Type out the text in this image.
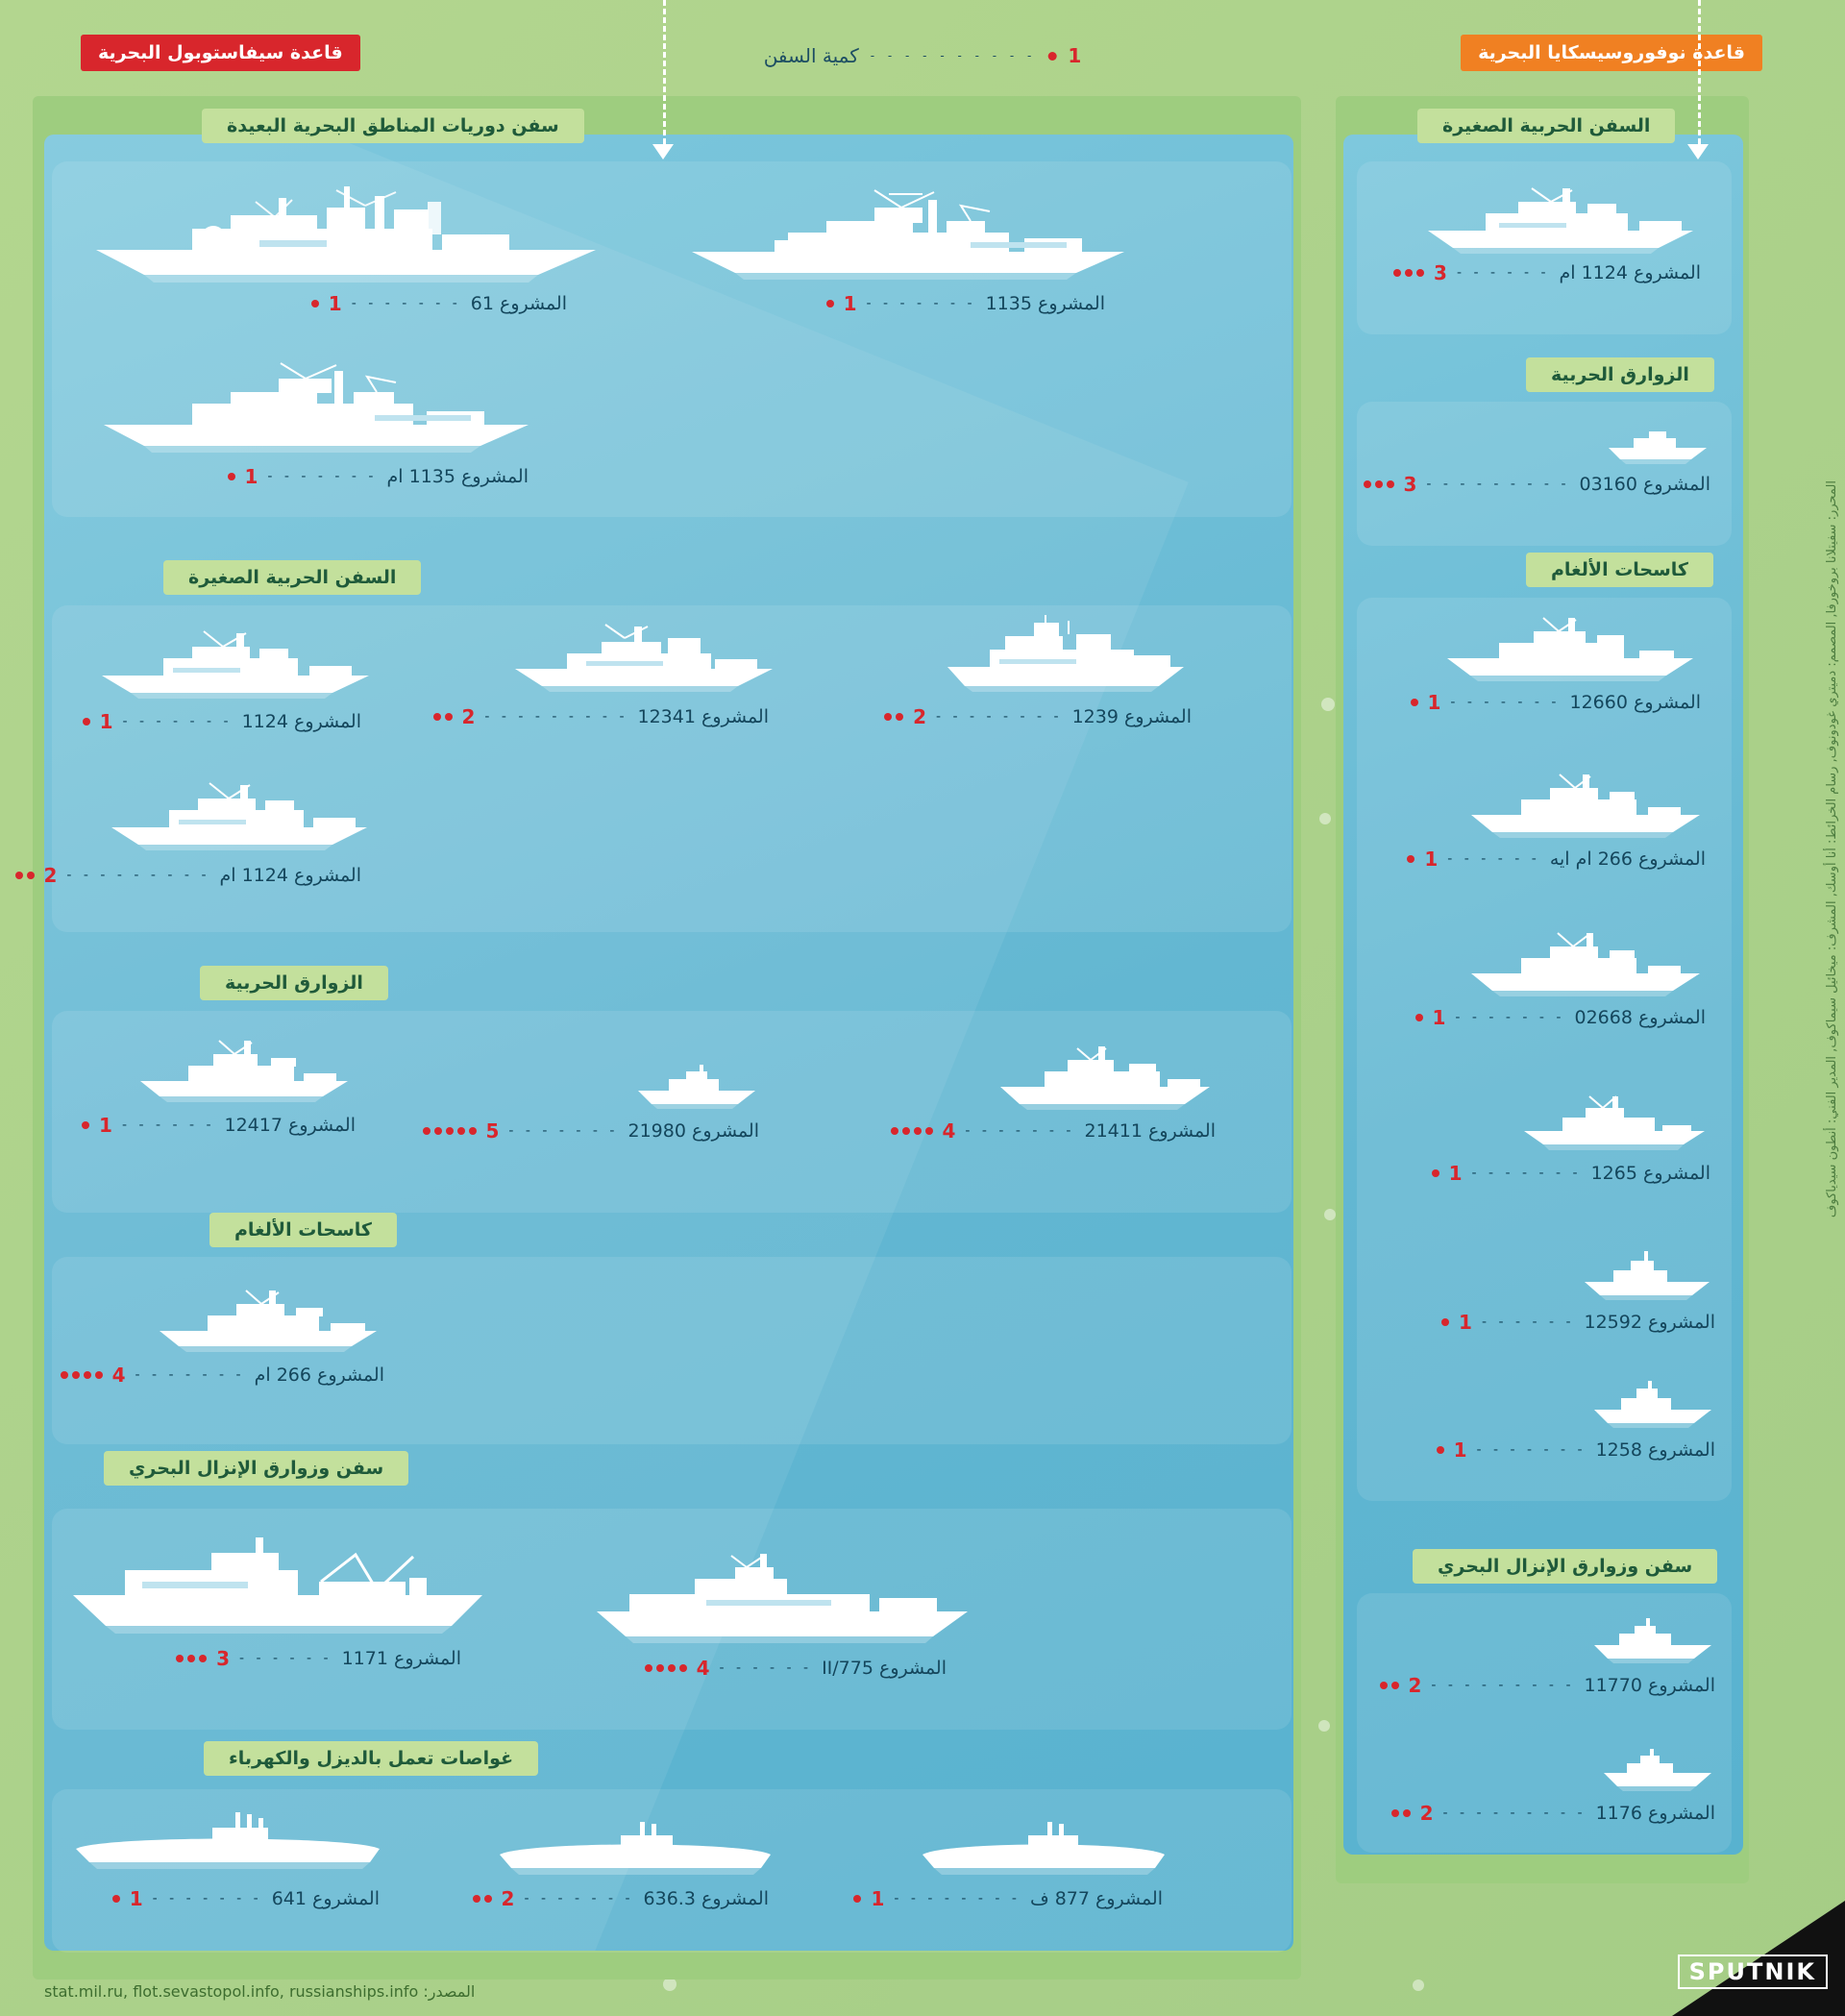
قاعدة سيفاستوبول البحرية	قاعدة نوفوروسيسكايا البحرية
1
- - - - - - - - - -
كمية السفن
سفن دوريات المناطق البحرية البعيدة
المشروع 61
- - - - - - -
1	المشروع 1135
- - - - - - -
1
المشروع 1135 ام
- - - - - - -
1
السفن الحربية الصغيرة
المشروع 1124
- - - - - - -
1	المشروع 12341
- - - - - - - - -
2	المشروع 1239
- - - - - - - -
2
المشروع 1124 ام
- - - - - - - - -
2
الزوارق الحربية
المشروع 12417
- - - - - -
1	المشروع 21980
- - - - - - -
5	المشروع 21411
- - - - - - -
4
كاسحات الألغام
المشروع 266 ام
- - - - - - -
4
سفن وزوارق الإنزال البحري
المشروع 1171
- - - - - -
3	المشروع II/775
- - - - - -
4
غواصات تعمل بالديزل والكهرباء
المشروع 641
- - - - - - -
1	المشروع 636.3
- - - - - - -
2	المشروع 877 ف
- - - - - - - -
1
السفن الحربية الصغيرة
المشروع 1124 ام
- - - - - -
3
الزوارق الحربية
المشروع 03160
- - - - - - - - -
3
كاسحات الألغام
المشروع 12660
- - - - - - -
1
المشروع 266 ام ايه
- - - - - -
1
المشروع 02668
- - - - - - -
1
المشروع 1265
- - - - - - -
1
المشروع 12592
- - - - - -
1
المشروع 1258
- - - - - - -
1
سفن وزوارق الإنزال البحري
المشروع 11770
- - - - - - - - -
2
المشروع 1176
- - - - - - - - -
2
المحرر: سفيتلانا بروخورفا, المصمم: دميتري غودونوف, رسام الخرائط: أنا أوسك, المشرف: ميخائيل سيماكوف, المدير الفني: أنطون سيدياكوف
المصدر: stat.mil.ru, flot.sevastopol.info, russianships.info
SPUTNIK
